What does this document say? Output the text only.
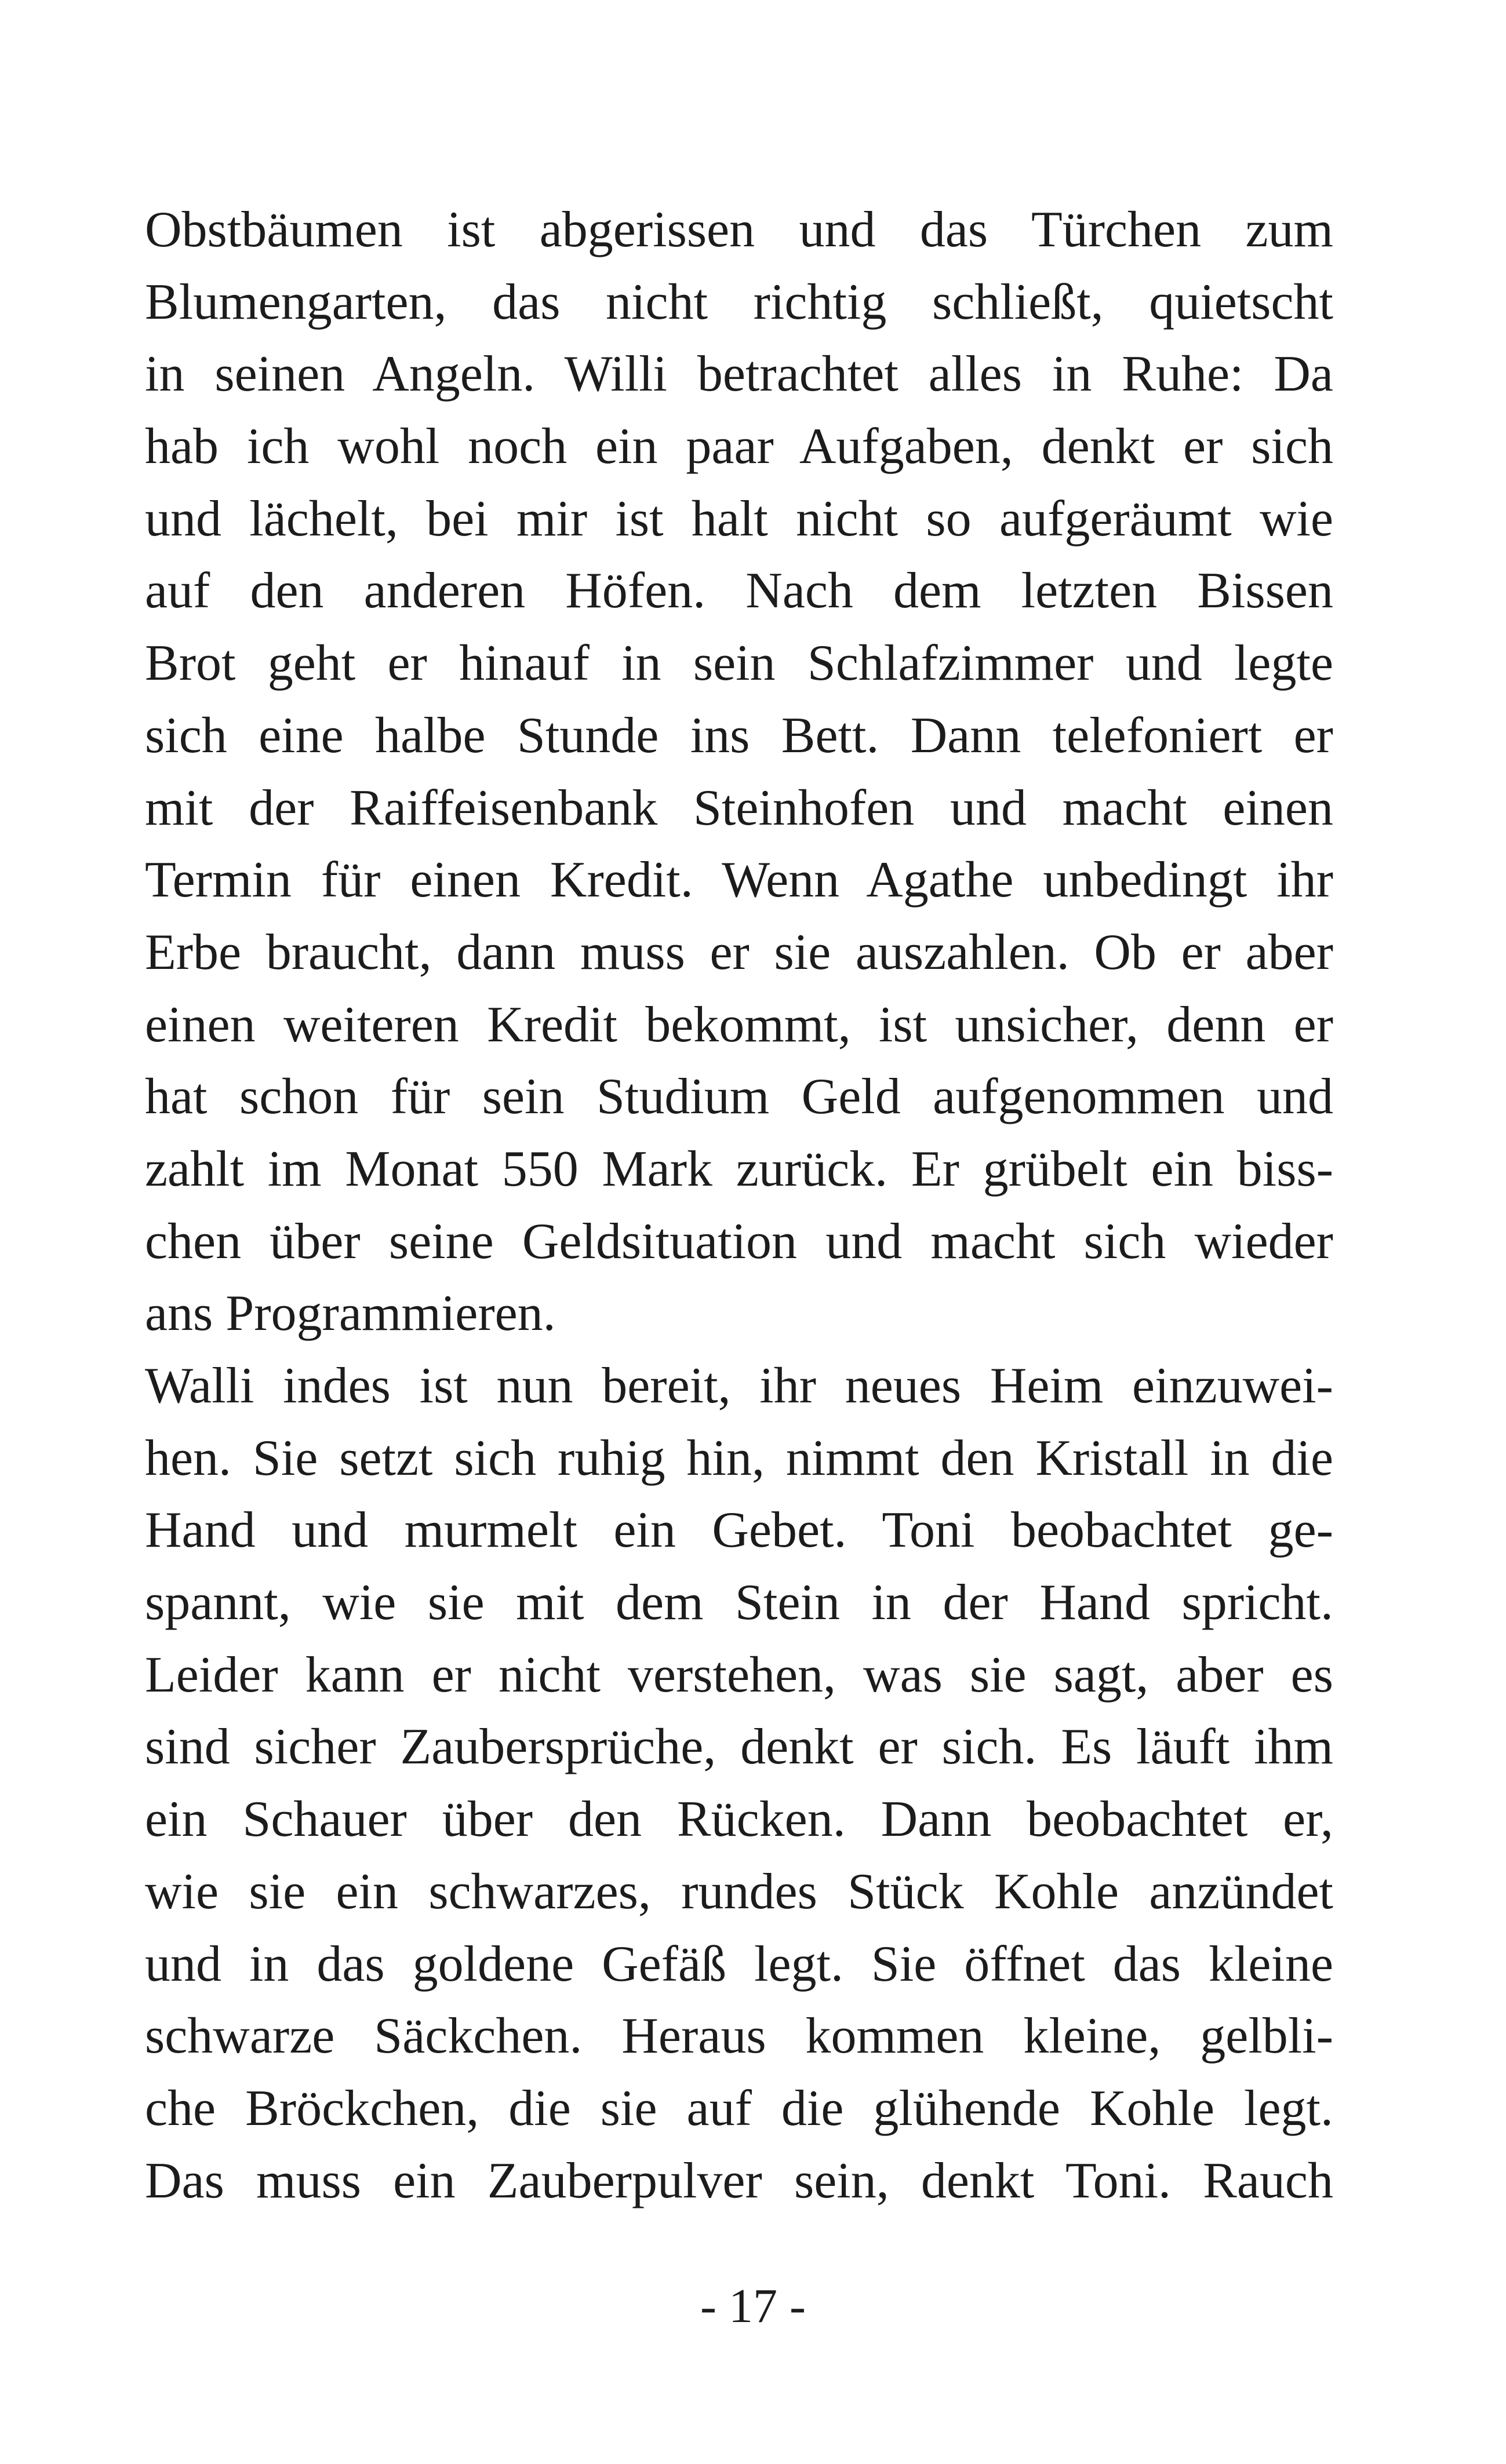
Obstbäumen ist abgerissen und das Türchen zum
Blumengarten, das nicht richtig schließt, quietscht
in seinen Angeln. Willi betrachtet alles in Ruhe: Da
hab ich wohl noch ein paar Aufgaben, denkt er sich
und lächelt, bei mir ist halt nicht so aufgeräumt wie
auf den anderen Höfen. Nach dem letzten Bissen
Brot geht er hinauf in sein Schlafzimmer und legte
sich eine halbe Stunde ins Bett. Dann telefoniert er
mit der Raiffeisenbank Steinhofen und macht einen
Termin für einen Kredit. Wenn Agathe unbedingt ihr
Erbe braucht, dann muss er sie auszahlen. Ob er aber
einen weiteren Kredit bekommt, ist unsicher, denn er
hat schon für sein Studium Geld aufgenommen und
zahlt im Monat 550 Mark zurück. Er grübelt ein biss-
chen über seine Geldsituation und macht sich wieder
ans Programmieren.
Walli indes ist nun bereit, ihr neues Heim einzuwei-
hen. Sie setzt sich ruhig hin, nimmt den Kristall in die
Hand und murmelt ein Gebet. Toni beobachtet ge-
spannt, wie sie mit dem Stein in der Hand spricht.
Leider kann er nicht verstehen, was sie sagt, aber es
sind sicher Zaubersprüche, denkt er sich. Es läuft ihm
ein Schauer über den Rücken. Dann beobachtet er,
wie sie ein schwarzes, rundes Stück Kohle anzündet
und in das goldene Gefäß legt. Sie öffnet das kleine
schwarze Säckchen. Heraus kommen kleine, gelbli-
che Bröckchen, die sie auf die glühende Kohle legt.
Das muss ein Zauberpulver sein, denkt Toni. Rauch
- 17 -
